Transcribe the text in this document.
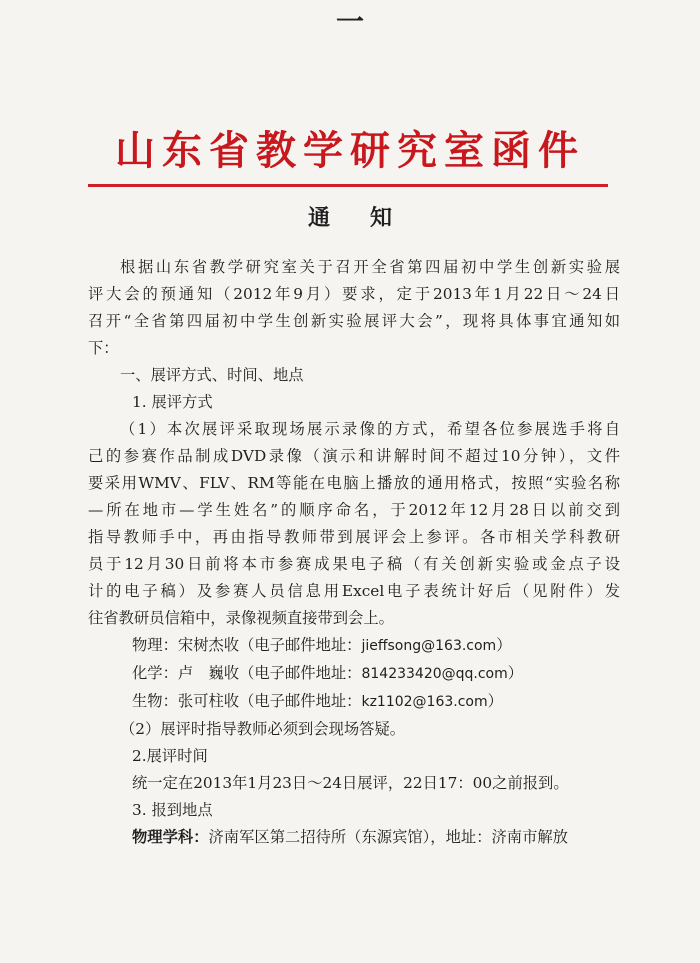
一
山东省教学研究室函件
通知

根据山东省教学研究室关于召开全省第四届初中学生创新实验展

评大会的预通知（2012年9月）要求，定于2013年1月22日～24日

召开“全省第四届初中学生创新实验展评大会”，现将具体事宜通知如

下：

一、展评方式、时间、地点

1. 展评方式

（1）本次展评采取现场展示录像的方式，希望各位参展选手将自

己的参赛作品制成DVD录像（演示和讲解时间不超过10分钟），文件

要采用WMV、FLV、RM等能在电脑上播放的通用格式，按照“实验名称

—所在地市—学生姓名”的顺序命名，于2012年12月28日以前交到

指导教师手中，再由指导教师带到展评会上参评。各市相关学科教研

员于12月30日前将本市参赛成果电子稿（有关创新实验或金点子设

计的电子稿）及参赛人员信息用Excel电子表统计好后（见附件）发

往省教研员信箱中，录像视频直接带到会上。

物理：宋树杰收（电子邮件地址：jieffsong@163.com）

化学：卢　巍收（电子邮件地址：814233420@qq.com）

生物：张可柱收（电子邮件地址：kz1102@163.com）

（2）展评时指导教师必须到会现场答疑。

2.展评时间

统一定在2013年1月23日～24日展评，22日17：00之前报到。

3. 报到地点

物理学科：济南军区第二招待所（东源宾馆），地址：济南市解放
